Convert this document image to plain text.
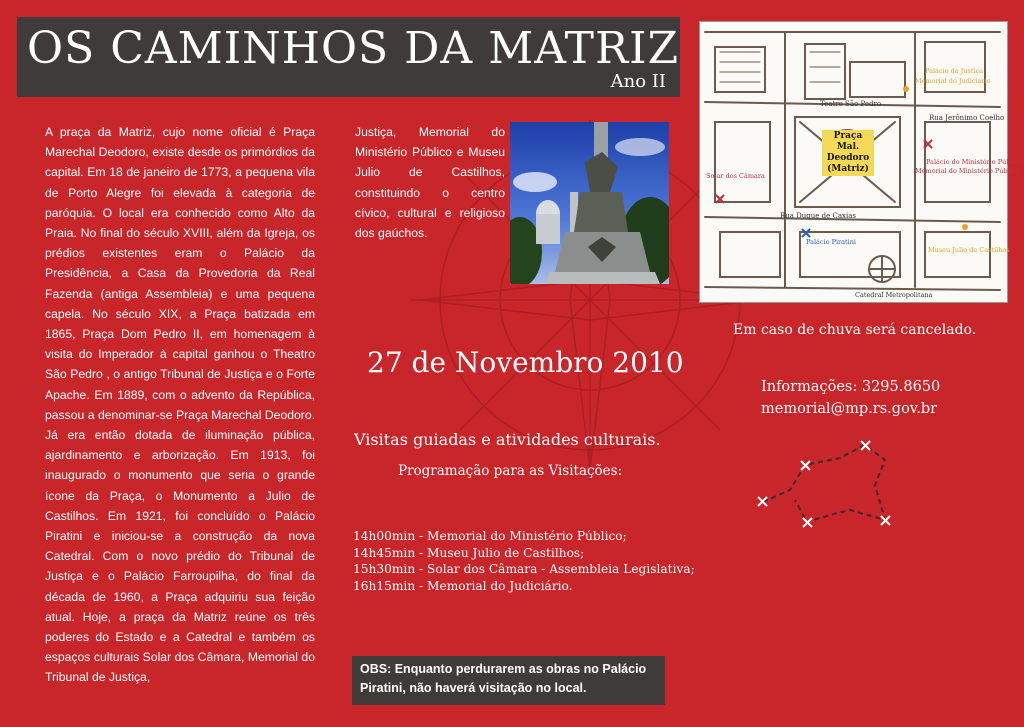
OS CAMINHOS DA MATRIZ
Ano II
A praça da Matriz, cujo nome oficial é Praça Marechal Deodoro, existe desde os primórdios da capital. Em 18 de janeiro de 1773, a pequena vila de Porto Alegre foi elevada à categoria de paróquia. O local era conhecido como Alto da Praia. No final do século XVIII, além da Igreja, os prédios existentes eram o Palácio da Presidência, a Casa da Provedoria da Real Fazenda (antiga Assembleia) e uma pequena capela. No século XIX, a Praça batizada em 1865, Praça Dom Pedro II, em homenagem à visita do Imperador à capital ganhou o Theatro São Pedro , o antigo Tribunal de Justiça e o Forte Apache. Em 1889, com o advento da República, passou a denominar-se Praça Marechal Deodoro. Já era então dotada de iluminação pública, ajardinamento e arborização. Em 1913, foi inaugurado o monumento que seria o grande ícone da Praça, o Monumento a Julio de Castilhos. Em 1921, foi concluído o Palácio Piratini e iniciou-se a construção da nova Catedral. Com o novo prédio do Tribunal de Justiça e o Palácio Farroupilha, do final da década de 1960, a Praça adquiriu sua feição atual. Hoje, a praça da Matriz reúne os três poderes do Estado e a Catedral e também os espaços culturais Solar dos Câmara, Memorial do Tribunal de Justiça,
Justiça, Memorial do Ministério Público e Museu Julio de Castilhos, constituindo o centro cívico, cultural e religioso dos gaúchos.
Teatro São Pedro
Palácio da Justiça
Memorial do Judiciário
Rua Jerônimo Coelho
Palácio do Ministério Público
Memorial do Ministério Público
Solar dos Câmara
Rua Duque de Caxias
Palácio Piratini
Museu Julio de Castilhos
Catedral Metropolitana
Praça
Mal. Deodoro
(Matriz)
27 de Novembro 2010
Visitas guiadas e atividades culturais.
Programação para as Visitações:
14h00min - Memorial do Ministério Público;
14h45min - Museu Julio de Castilhos;
15h30min - Solar dos Câmara - Assembleia Legislativa;
16h15min - Memorial do Judiciário.
OBS: Enquanto perdurarem as obras no Palácio Piratini, não haverá visitação no local.
Em caso de chuva será cancelado.
Informações: 3295.8650
memorial@mp.rs.gov.br
